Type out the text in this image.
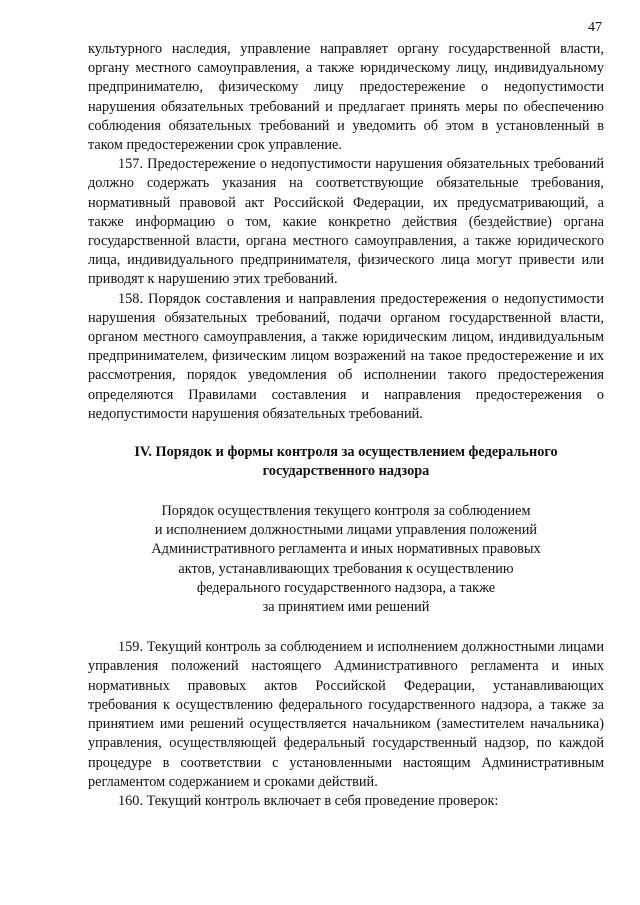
47

культурного наследия, управление направляет органу государственной власти, органу местного самоуправления, а также юридическому лицу, индивидуальному предпринимателю, физическому лицу предостережение о недопустимости нарушения обязательных требований и предлагает принять меры по обеспечению соблюдения обязательных требований и уведомить об этом в установленный в таком предостережении срок управление.

157. Предостережение о недопустимости нарушения обязательных требований должно содержать указания на соответствующие обязательные требования, нормативный правовой акт Российской Федерации, их предусматривающий, а также информацию о том, какие конкретно действия (бездействие) органа государственной власти, органа местного самоуправления, а также юридического лица, индивидуального предпринимателя, физического лица могут привести или приводят к нарушению этих требований.

158. Порядок составления и направления предостережения о недопустимости нарушения обязательных требований, подачи органом государственной власти, органом местного самоуправления, а также юридическим лицом, индивидуальным предпринимателем, физическим лицом возражений на такое предостережение и их рассмотрения, порядок уведомления об исполнении такого предостережения определяются Правилами составления и направления предостережения о недопустимости нарушения обязательных требований.

IV. Порядок и формы контроля за осуществлением федерального
государственного надзора
Порядок осуществления текущего контроля за соблюдением
и исполнением должностными лицами управления положений
Административного регламента и иных нормативных правовых
актов, устанавливающих требования к осуществлению
федерального государственного надзора, а также
за принятием ими решений

159. Текущий контроль за соблюдением и исполнением должностными лицами управления положений настоящего Административного регламента и иных нормативных правовых актов Российской Федерации, устанавливающих требования к осуществлению федерального государственного надзора, а также за принятием ими решений осуществляется начальником (заместителем начальника) управления, осуществляющей федеральный государственный надзор, по каждой процедуре в соответствии с установленными настоящим Административным регламентом содержанием и сроками действий.

160. Текущий контроль включает в себя проведение проверок:
